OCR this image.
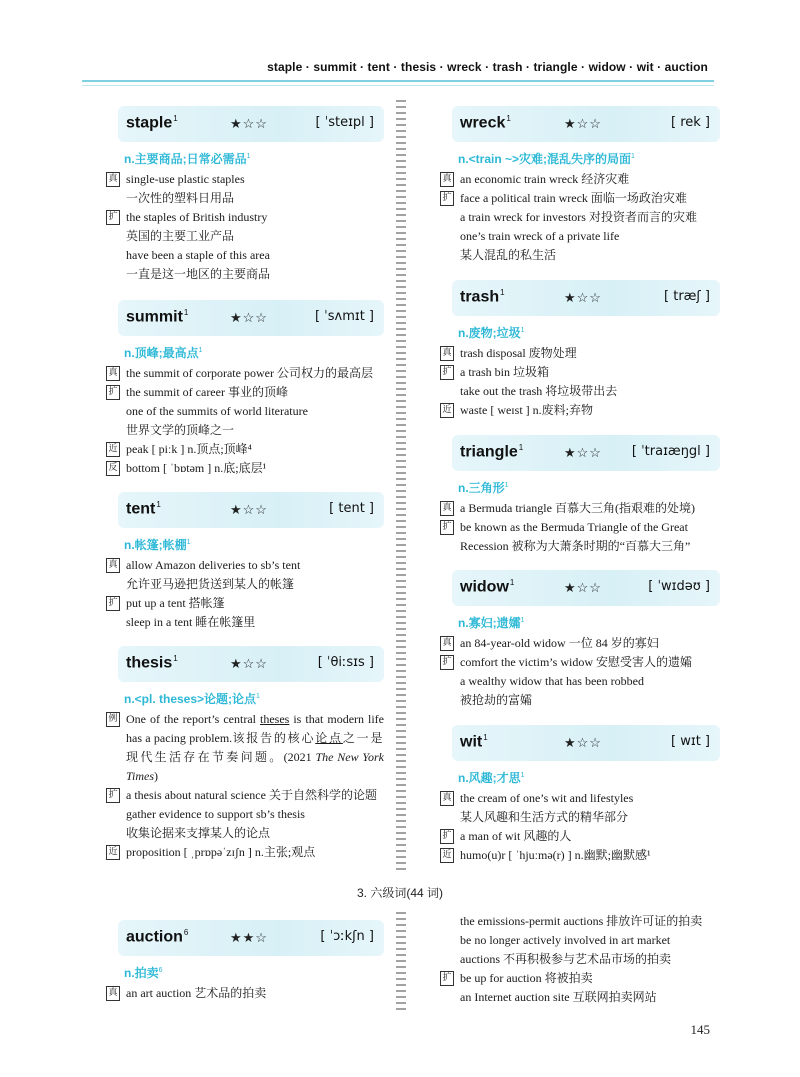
staple · summit · tent · thesis · wreck · trash · triangle · widow · wit · auction
staple$^1$	★☆☆	[ ˈsteɪpl ]
n.主要商品;日常必需品$^1$
真 single-use plastic staples
一次性的塑料日用品
扩 the staples of British industry
英国的主要工业产品
have been a staple of this area
一直是这一地区的主要商品
summit$^1$	★☆☆	[ ˈsʌmɪt ]
n.顶峰;最高点$^1$
真 the summit of corporate power 公司权力的最高层
扩 the summit of career 事业的顶峰
one of the summits of world literature
世界文学的顶峰之一
近 peak [ piːk ] n.顶点;顶峰⁴
反 bottom [ ˈbɒtəm ] n.底;底层¹
tent$^1$	★☆☆	[ tent ]
n.帐篷;帐棚$^1$
真 allow Amazon deliveries to sb’s tent
允许亚马逊把货送到某人的帐篷
扩 put up a tent 搭帐篷
sleep in a tent 睡在帐篷里
thesis$^1$	★☆☆	[ ˈθiːsɪs ]
n.<pl. theses>论题;论点$^1$
例 One of the report’s central theses is that modern life has a pacing problem.该报告的核心论点之一是现代生活存在节奏问题。(2021 The New York Times)
扩 a thesis about natural science 关于自然科学的论题
gather evidence to support sb’s thesis
收集论据来支撑某人的论点
近 proposition [ ˌprɒpəˈzɪʃn ] n.主张;观点
auction$^6$	★★☆	[ ˈɔːkʃn ]
n.拍卖$^6$
真 an art auction 艺术品的拍卖
wreck$^1$	★☆☆	[ rek ]
n.<train ~>灾难;混乱失序的局面$^1$
真 an economic train wreck 经济灾难
扩 face a political train wreck 面临一场政治灾难
a train wreck for investors 对投资者而言的灾难
one’s train wreck of a private life
某人混乱的私生活
trash$^1$	★☆☆	[ træʃ ]
n.废物;垃圾$^1$
真 trash disposal 废物处理
扩 a trash bin 垃圾箱
take out the trash 将垃圾带出去
近 waste [ weɪst ] n.废料;弃物
triangle$^1$	★☆☆ [ ˈtraɪæŋgl ]
n.三角形$^1$
真 a Bermuda triangle 百慕大三角(指艰难的处境)
扩 be known as the Bermuda Triangle of the Great
Recession 被称为大萧条时期的“百慕大三角”
widow$^1$	★☆☆	[ ˈwɪdəʊ ]
n.寡妇;遗孀$^1$
真 an 84-year-old widow 一位 84 岁的寡妇
扩 comfort the victim’s widow 安慰受害人的遗孀
a wealthy widow that has been robbed
被抢劫的富孀
wit$^1$	★☆☆	[ wɪt ]
n.风趣;才思$^1$
真 the cream of one’s wit and lifestyles
某人风趣和生活方式的精华部分
扩 a man of wit 风趣的人
近 humo(u)r [ ˈhjuːmə(r) ] n.幽默;幽默感¹
the emissions-permit auctions 排放许可证的拍卖
be no longer actively involved in art market
auctions 不再积极参与艺术品市场的拍卖
扩 be up for auction 将被拍卖
an Internet auction site 互联网拍卖网站
3. 六级词(44 词)
145
